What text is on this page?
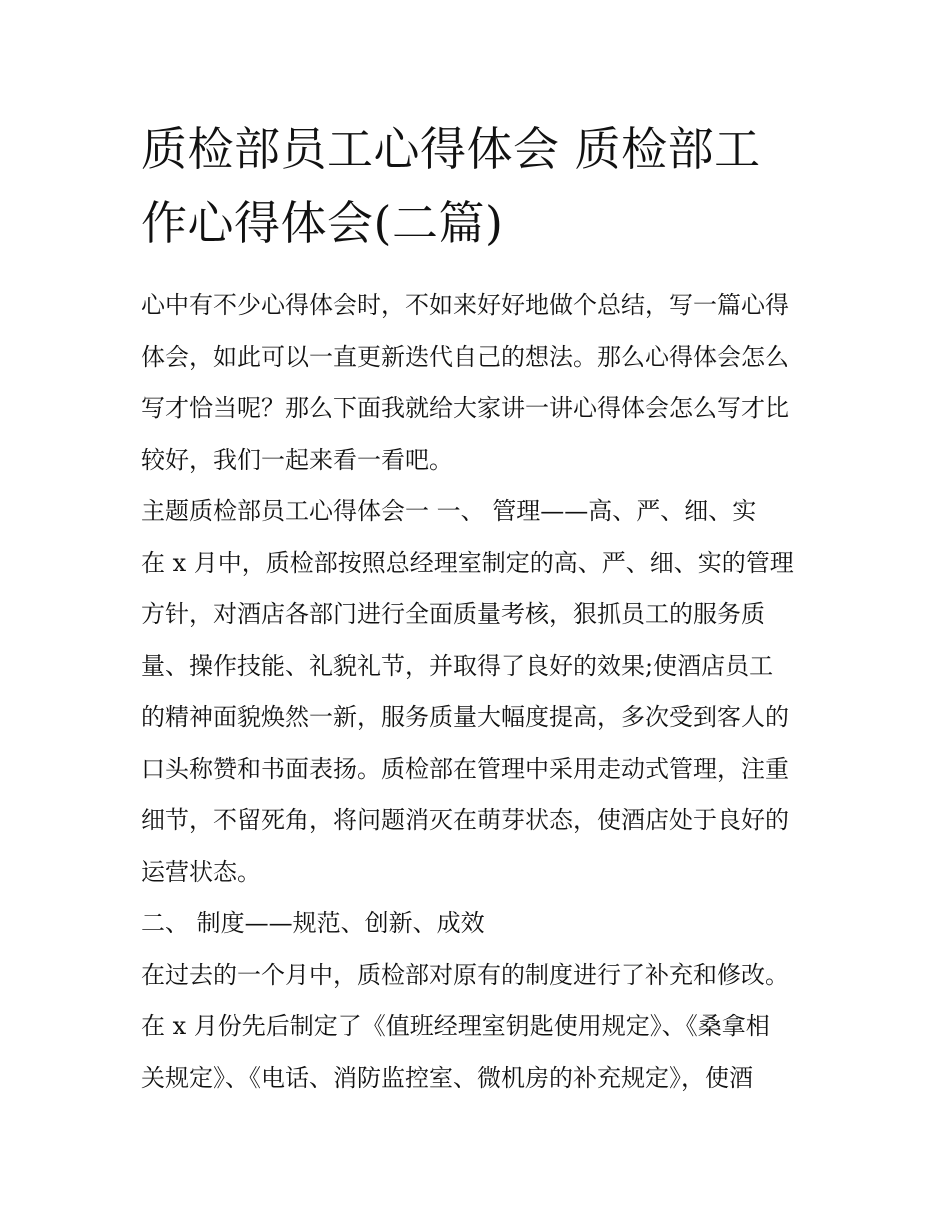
质检部员工心得体会 质检部工
作心得体会(二篇)

心中有不少心得体会时，不如来好好地做个总结，写一篇心得

体会，如此可以一直更新迭代自己的想法。那么心得体会怎么

写才恰当呢？那么下面我就给大家讲一讲心得体会怎么写才比

较好，我们一起来看一看吧。

主题质检部员工心得体会一 一、 管理——高、严、细、实

在 x 月中，质检部按照总经理室制定的高、严、细、实的管理

方针，对酒店各部门进行全面质量考核，狠抓员工的服务质

量、操作技能、礼貌礼节，并取得了良好的效果;使酒店员工

的精神面貌焕然一新，服务质量大幅度提高，多次受到客人的

口头称赞和书面表扬。质检部在管理中采用走动式管理，注重

细节，不留死角，将问题消灭在萌芽状态，使酒店处于良好的

运营状态。

二、 制度——规范、创新、成效

在过去的一个月中，质检部对原有的制度进行了补充和修改。

在 x 月份先后制定了《值班经理室钥匙使用规定》、《桑拿相

关规定》、《电话、消防监控室、微机房的补充规定》，使酒
